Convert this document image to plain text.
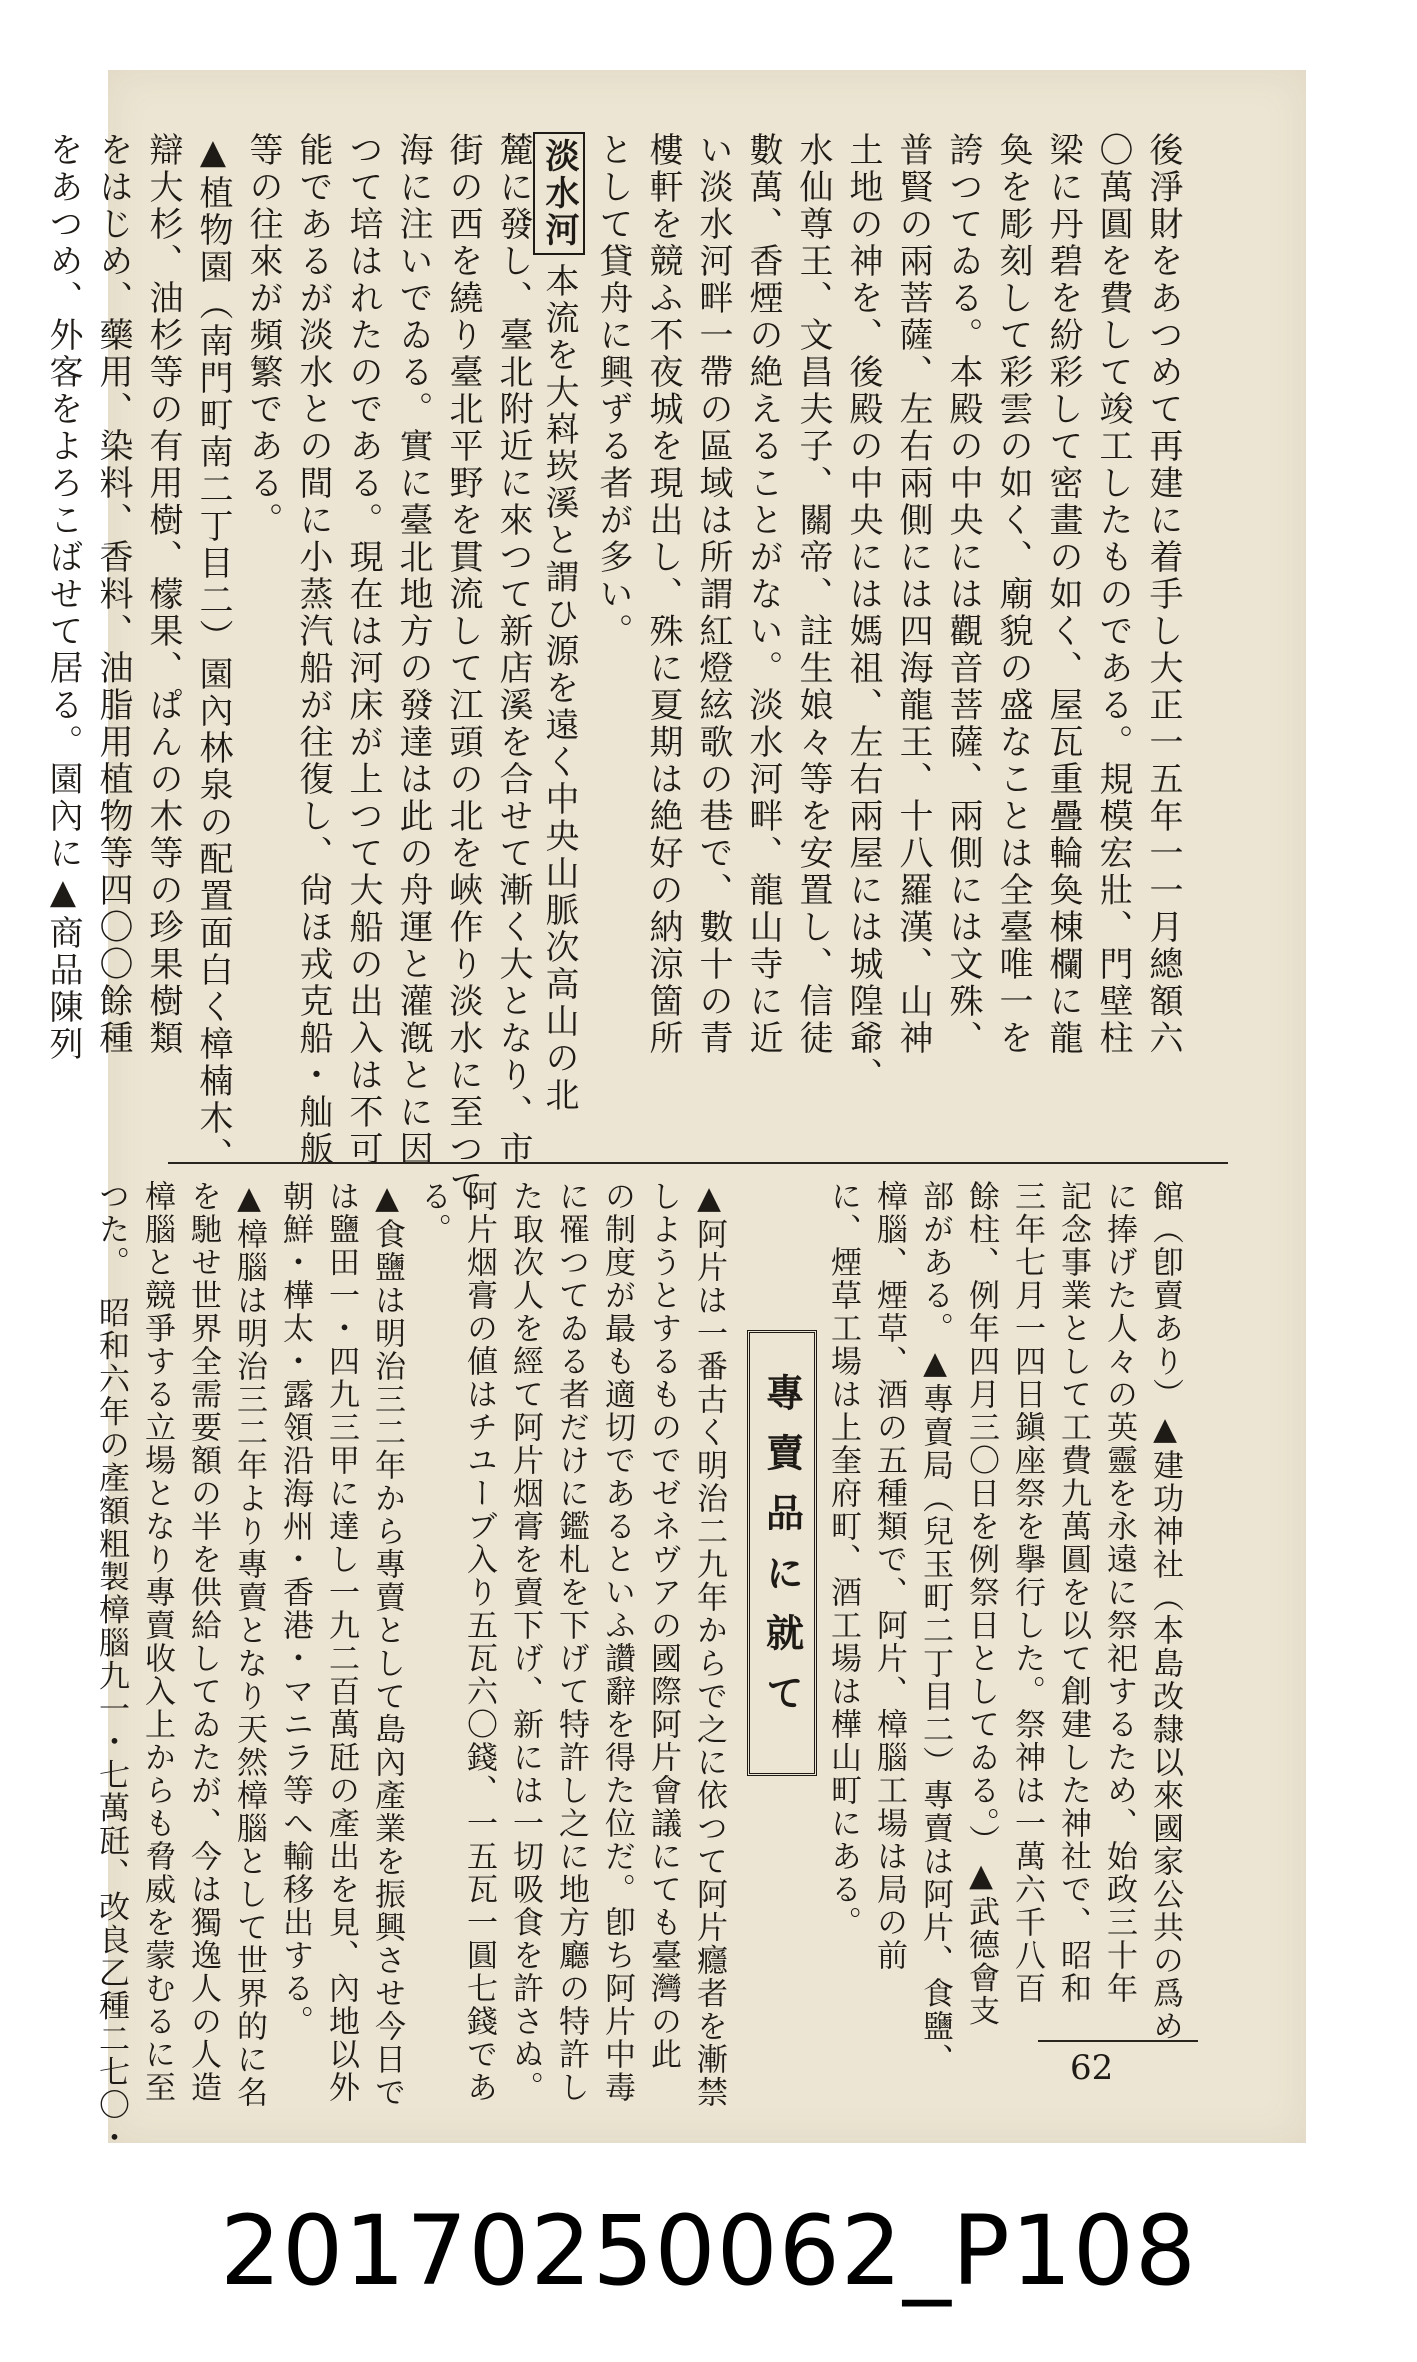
後淨財をあつめて再建に着手し大正一五年一一月總額六
〇萬圓を費して竣工したものである。規模宏壯、門壁柱
梁に丹碧を紛彩して密畫の如く、屋瓦重疊輪奐棟欄に龍
奐を彫刻して彩雲の如く、廟貌の盛なことは全臺唯一を
誇つてゐる。本殿の中央には觀音菩薩、兩側には文殊、
普賢の兩菩薩、左右兩側には四海龍王、十八羅漢、山神
土地の神を、後殿の中央には媽祖、左右兩屋には城隍爺、
水仙尊王、文昌夫子、關帝、註生娘々等を安置し、信徒
數萬、香煙の絶えることがない。淡水河畔、龍山寺に近
い淡水河畔一帶の區域は所謂紅燈絃歌の巷で、數十の青
樓軒を競ふ不夜城を現出し、殊に夏期は絶好の納涼箇所
として貸舟に興ずる者が多い。
淡水河本流を大嵙崁溪と謂ひ源を遠く中央山脈次高山の北
麓に發し、臺北附近に來つて新店溪を合せて漸く大となり、市
街の西を繞り臺北平野を貫流して江頭の北を峽作り淡水に至つて
海に注いでゐる。實に臺北地方の發達は此の舟運と灌漑とに因
つて培はれたのである。現在は河床が上つて大船の出入は不可
能であるが淡水との間に小蒸汽船が往復し、尙ほ戎克船・舢舨
等の往來が頻繁である。
▲植物園（南門町南二丁目二）園內林泉の配置面白く樟楠木、
辯大杉、油杉等の有用樹、檬果、ぱんの木等の珍果樹類
をはじめ、藥用、染料、香料、油脂用植物等四〇〇餘種
をあつめ、外客をよろこばせて居る。園內に▲商品陳列
館（卽賣あり）▲建功神社（本島改隸以來國家公共の爲め
に捧げた人々の英靈を永遠に祭祀するため、始政三十年
記念事業として工費九萬圓を以て創建した神社で、昭和
三年七月一四日鎭座祭を擧行した。祭神は一萬六千八百
餘柱、例年四月三〇日を例祭日としてゐる。）▲武德會支
部がある。▲專賣局（兒玉町二丁目二）專賣は阿片、食鹽、
樟腦、煙草、酒の五種類で、阿片、樟腦工場は局の前
に、煙草工場は上奎府町、酒工場は樺山町にある。
專賣品に就て
▲阿片は一番古く明治二九年からで之に依つて阿片癮者を漸禁
しようとするものでゼネヴアの國際阿片會議にても臺灣の此
の制度が最も適切であるといふ讚辭を得た位だ。卽ち阿片中毒
に罹つてゐる者だけに鑑札を下げて特許し之に地方廳の特許し
た取次人を經て阿片烟膏を賣下げ、新には一切吸食を許さぬ。
阿片烟膏の値はチユーブ入り五瓦六〇錢、一五瓦一圓七錢であ
る。
▲食鹽は明治三二年から專賣として島內產業を振興させ今日で
は鹽田一・四九三甲に達し一九二百萬瓩の產出を見、內地以外
朝鮮・樺太・露領沿海州・香港・マニラ等へ輸移出する。
▲樟腦は明治三二年より專賣となり天然樟腦として世界的に名
を馳せ世界全需要額の半を供給してゐたが、今は獨逸人の人造
樟腦と競爭する立場となり專賣收入上からも脅威を蒙むるに至
つた。　昭和六年の產額粗製樟腦九一・七萬瓩、改良乙種二七〇・	62
20170250062_P108
